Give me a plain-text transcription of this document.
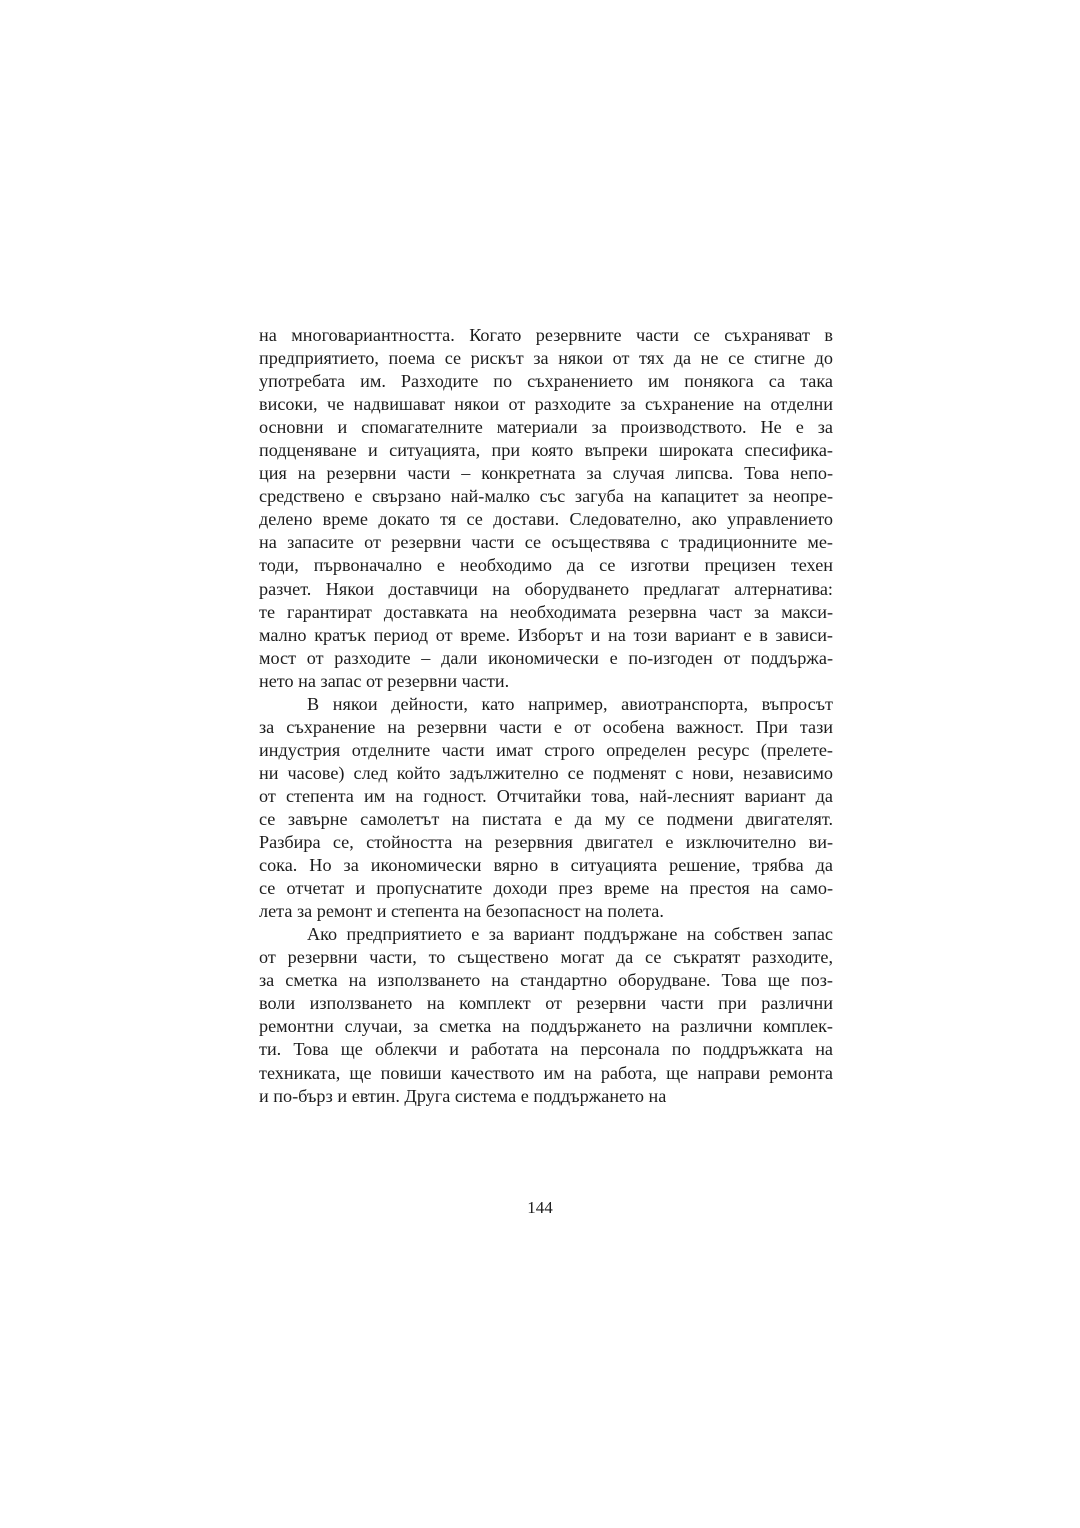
на многовариантността. Когато резервните части се съхраняват в
предприятието, поема се рискът за някои от тях да не се стигне до
употребата им. Разходите по съхранението им понякога са така
високи, че надвишават някои от разходите за съхранение на отделни
основни и спомагателните материали за производството. Не е за
подценяване и ситуацията, при която въпреки широката спесифика-
ция на резервни части – конкретната за случая липсва. Това непо-
средствено е свързано най-малко със загуба на капацитет за неопре-
делено време докато тя се достави. Следователно, ако управлението
на запасите от резервни части се осъществява с традиционните ме-
тоди, първоначално е необходимо да се изготви прецизен техен
разчет. Някои доставчици на оборудването предлагат алтернатива:
те гарантират доставката на необходимата резервна част за макси-
мално кратък период от време. Изборът и на този вариант е в зависи-
мост от разходите – дали икономически е по-изгоден от поддържа-
нето на запас от резервни части.
В някои дейности, като например, авиотранспорта, въпросът
за съхранение на резервни части е от особена важност. При тази
индустрия отделните части имат строго определен ресурс (прелете-
ни часове) след който задължително се подменят с нови, независимо
от степента им на годност. Отчитайки това, най-лесният вариант да
се завърне самолетът на пистата е да му се подмени двигателят.
Разбира се, стойността на резервния двигател е изключително ви-
сока. Но за икономически вярно в ситуацията решение, трябва да
се отчетат и пропуснатите доходи през време на престоя на само-
лета за ремонт и степента на безопасност на полета.
Ако предприятието е за вариант поддържане на собствен запас
от резервни части, то съществено могат да се съкратят разходите,
за сметка на използването на стандартно оборудване. Това ще поз-
воли използването на комплект от резервни части при различни
ремонтни случаи, за сметка на поддържането на различни комплек-
ти. Това ще облекчи и работата на персонала по поддръжката на
техниката, ще повиши качеството им на работа, ще направи ремонта
и по-бърз и евтин. Друга система е поддържането на
144
